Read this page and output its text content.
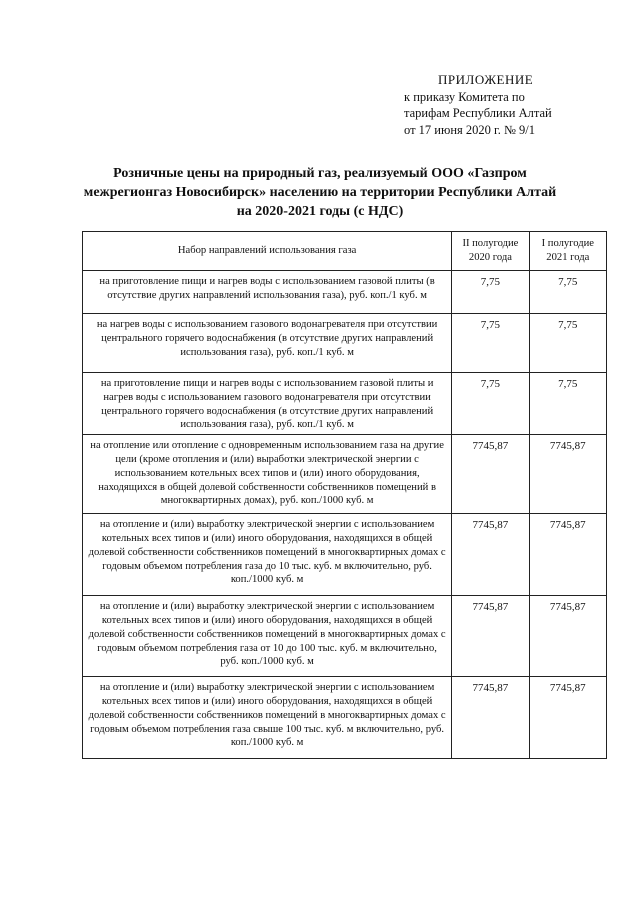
ПРИЛОЖЕНИЕ
к приказу Комитета по
тарифам Республики Алтай
от 17 июня 2020 г. № 9/1
Розничные цены на природный газ, реализуемый ООО «Газпром
межрегионгаз Новосибирск» населению на территории Республики Алтай
на 2020-2021 годы (с НДС)
Набор направлений использования газа	II полугодие 2020 года	I полугодие 2021 года
на приготовление пищи и нагрев воды с использованием газовой плиты (в отсутствие других направлений использования газа), руб. коп./1 куб. м	7,75	7,75
на нагрев воды с использованием газового водонагревателя при отсутствии центрального горячего водоснабжения (в отсутствие других направлений использования газа), руб. коп./1 куб. м	7,75	7,75
на приготовление пищи и нагрев воды с использованием газовой плиты и нагрев воды с использованием газового водонагревателя при отсутствии центрального горячего водоснабжения (в отсутствие других направлений использования газа), руб. коп./1 куб. м	7,75	7,75
на отопление или отопление с одновременным использованием газа на другие цели (кроме отопления и (или) выработки электрической энергии с использованием котельных всех типов и (или) иного оборудования, находящихся в общей долевой собственности собственников помещений в многоквартирных домах), руб. коп./1000 куб. м	7745,87	7745,87
на отопление и (или) выработку электрической энергии с использованием котельных всех типов и (или) иного оборудования, находящихся в общей долевой собственности собственников помещений в многоквартирных домах с годовым объемом потребления газа до 10 тыс. куб. м включительно, руб. коп./1000 куб. м	7745,87	7745,87
на отопление и (или) выработку электрической энергии с использованием котельных всех типов и (или) иного оборудования, находящихся в общей долевой собственности собственников помещений в многоквартирных домах с годовым объемом потребления газа от 10 до 100 тыс. куб. м включительно, руб. коп./1000 куб. м	7745,87	7745,87
на отопление и (или) выработку электрической энергии с использованием котельных всех типов и (или) иного оборудования, находящихся в общей долевой собственности собственников помещений в многоквартирных домах с годовым объемом потребления газа свыше 100 тыс. куб. м включительно, руб. коп./1000 куб. м	7745,87	7745,87
